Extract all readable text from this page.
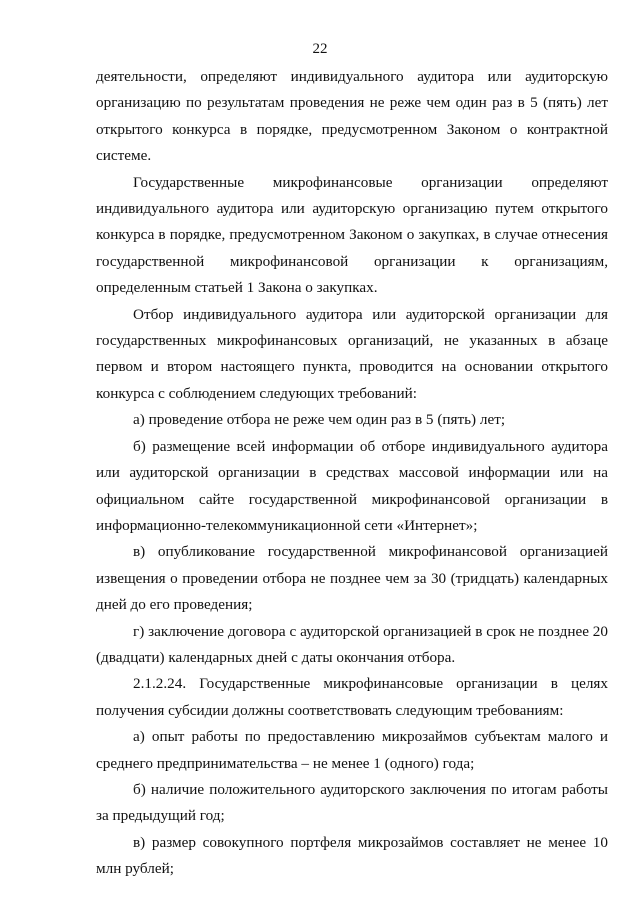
22

деятельности, определяют индивидуального аудитора или аудиторскую организацию по результатам проведения не реже чем один раз в 5 (пять) лет открытого конкурса в порядке, предусмотренном Законом о контрактной системе.

Государственные микрофинансовые организации определяют индивидуального аудитора или аудиторскую организацию путем открытого конкурса в порядке, предусмотренном Законом о закупках, в случае отнесения государственной микрофинансовой организации к организациям, определенным статьей 1 Закона о закупках.

Отбор индивидуального аудитора или аудиторской организации для государственных микрофинансовых организаций, не указанных в абзаце первом и втором настоящего пункта, проводится на основании открытого конкурса с соблюдением следующих требований:

а) проведение отбора не реже чем один раз в 5 (пять) лет;

б) размещение всей информации об отборе индивидуального аудитора или аудиторской организации в средствах массовой информации или на официальном сайте государственной микрофинансовой организации в информационно-телекоммуникационной сети «Интернет»;

в) опубликование государственной микрофинансовой организацией извещения о проведении отбора не позднее чем за 30 (тридцать) календарных дней до его проведения;

г) заключение договора с аудиторской организацией в срок не позднее 20 (двадцати) календарных дней с даты окончания отбора.

2.1.2.24. Государственные микрофинансовые организации в целях получения субсидии должны соответствовать следующим требованиям:

а) опыт работы по предоставлению микрозаймов субъектам малого и среднего предпринимательства – не менее 1 (одного) года;

б) наличие положительного аудиторского заключения по итогам работы за предыдущий год;

в) размер совокупного портфеля микрозаймов составляет не менее 10 млн рублей;
